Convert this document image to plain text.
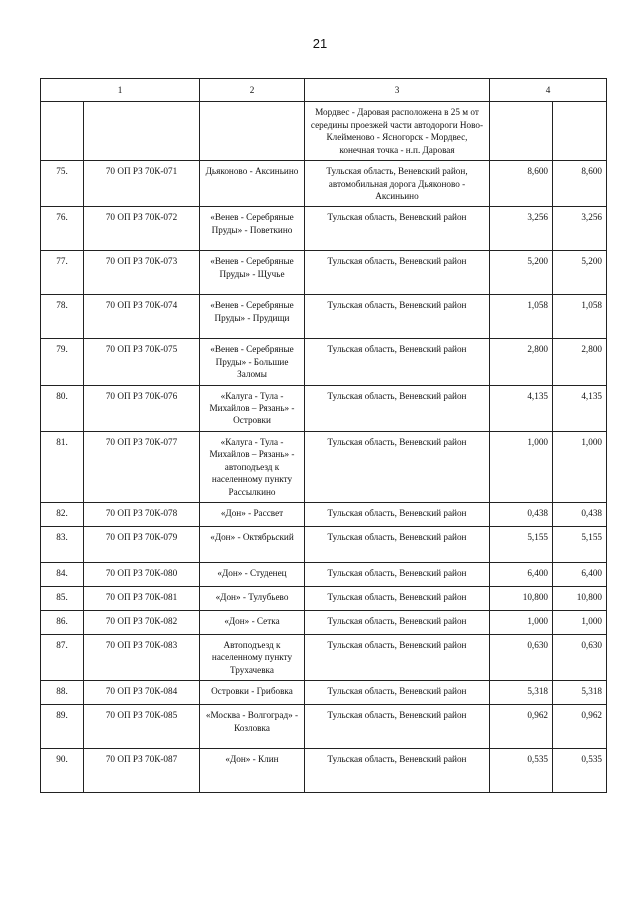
21
1		2	3	4	
			Мордвес - Даровая расположена в 25 м от середины проезжей части автодороги Ново-Клейменово - Ясногорск - Мордвес, конечная точка - н.п. Даровая		
75.	70 ОП РЗ 70К-071	Дьяконово - Аксиньино	Тульская область, Веневский район, автомобильная дорога Дьяконово - Аксиньино	8,600	8,600
76.	70 ОП РЗ 70К-072	«Венев - Серебряные Пруды» - Поветкино	Тульская область, Веневский район	3,256	3,256
77.	70 ОП РЗ 70К-073	«Венев - Серебряные Пруды» - Щучье	Тульская область, Веневский район	5,200	5,200
78.	70 ОП РЗ 70К-074	«Венев - Серебряные Пруды» - Прудищи	Тульская область, Веневский район	1,058	1,058
79.	70 ОП РЗ 70К-075	«Венев - Серебряные Пруды» - Большие Заломы	Тульская область, Веневский район	2,800	2,800
80.	70 ОП РЗ 70К-076	«Калуга - Тула - Михайлов – Рязань» - Островки	Тульская область, Веневский район	4,135	4,135
81.	70 ОП РЗ 70К-077	«Калуга - Тула - Михайлов – Рязань» - автоподъезд к населенному пункту Рассылкино	Тульская область, Веневский район	1,000	1,000
82.	70 ОП РЗ 70К-078	«Дон» - Рассвет	Тульская область, Веневский район	0,438	0,438
83.	70 ОП РЗ 70К-079	«Дон» - Октябрьский	Тульская область, Веневский район	5,155	5,155
84.	70 ОП РЗ 70К-080	«Дон» - Студенец	Тульская область, Веневский район	6,400	6,400
85.	70 ОП РЗ 70К-081	«Дон» - Тулубьево	Тульская область, Веневский район	10,800	10,800
86.	70 ОП РЗ 70К-082	«Дон» - Сетка	Тульская область, Веневский район	1,000	1,000
87.	70 ОП РЗ 70К-083	Автоподъезд к населенному пункту Трухачевка	Тульская область, Веневский район	0,630	0,630
88.	70 ОП РЗ 70К-084	Островки - Грибовка	Тульская область, Веневский район	5,318	5,318
89.	70 ОП РЗ 70К-085	«Москва - Волгоград» - Козловка	Тульская область, Веневский район	0,962	0,962
90.	70 ОП РЗ 70К-087	«Дон» - Клин	Тульская область, Веневский район	0,535	0,535
